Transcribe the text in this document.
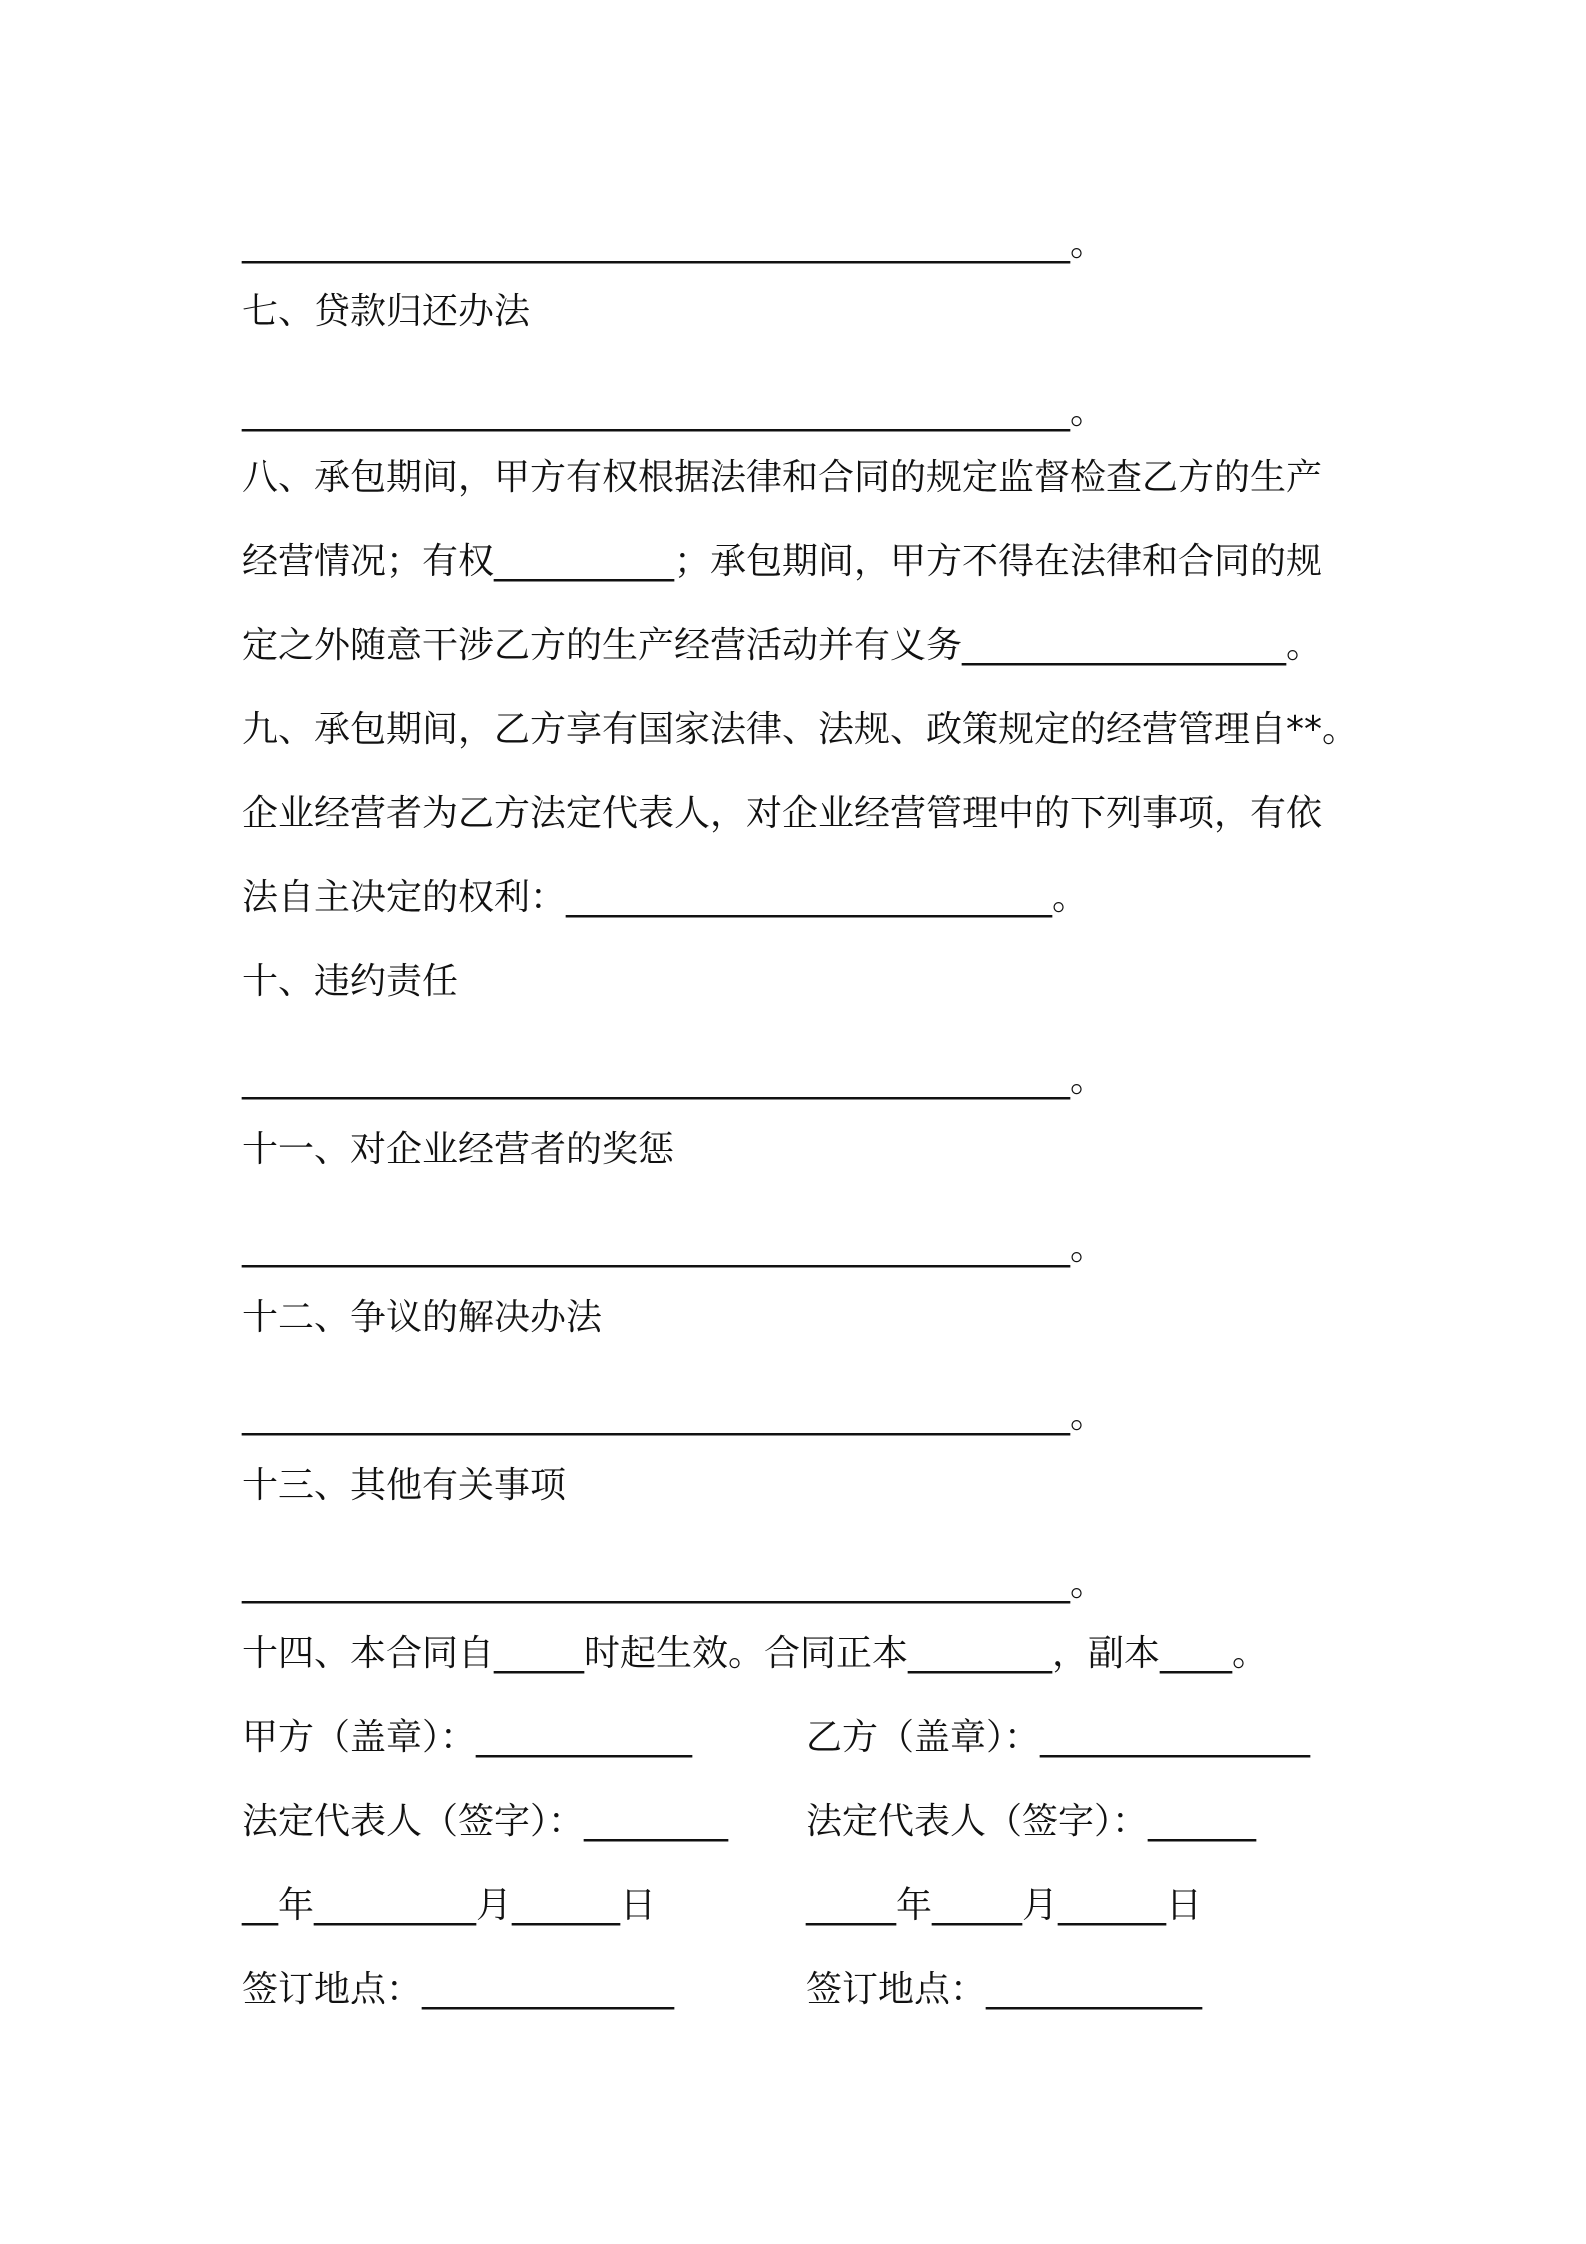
______________________________________________。

七、贷款归还办法

______________________________________________。

八、承包期间，甲方有权根据法律和合同的规定监督检查乙方的生产

经营情况；有权__________；承包期间，甲方不得在法律和合同的规

定之外随意干涉乙方的生产经营活动并有义务__________________。

九、承包期间，乙方享有国家法律、法规、政策规定的经营管理自**。

企业经营者为乙方法定代表人，对企业经营管理中的下列事项，有依

法自主决定的权利：___________________________。

十、违约责任

______________________________________________。

十一、对企业经营者的奖惩

______________________________________________。

十二、争议的解决办法

______________________________________________。

十三、其他有关事项

______________________________________________。

十四、本合同自_____时起生效。合同正本________，副本____。

甲方（盖章）：____________	乙方（盖章）：_______________

法定代表人（签字）：________ 法定代表人（签字）：______

__年_________月______日	_____年_____月______日

签订地点：______________	签订地点：____________
